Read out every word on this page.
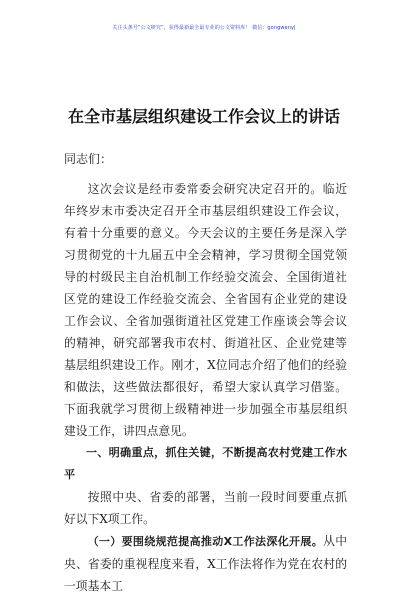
关注头条号“公文研究”，获得最新最全最专业的公文资料库！ 微信：gongwenyj
在全市基层组织建设工作会议上的讲话
同志们：

这次会议是经市委常委会研究决定召开的。临近年终岁末市委决定召开全市基层组织建设工作会议，有着十分重要的意义。今天会议的主要任务是深入学习贯彻党的十九届五中全会精神，学习贯彻全国党领导的村级民主自治机制工作经验交流会、全国街道社区党的建设工作经验交流会、全省国有企业党的建设工作会议、全省加强街道社区党建工作座谈会等会议的精神，研究部署我市农村、街道社区、企业党建等基层组织建设工作。刚才，X位同志介绍了他们的经验和做法，这些做法都很好，希望大家认真学习借鉴。下面我就学习贯彻上级精神进一步加强全市基层组织建设工作，讲四点意见。

一、明确重点，抓住关键，不断提高农村党建工作水平

按照中央、省委的部署，当前一段时间要重点抓好以下X项工作。

（一）要围绕规范提高推动X工作法深化开展。从中央、省委的重视程度来看，X工作法将作为党在农村的一项基本工
